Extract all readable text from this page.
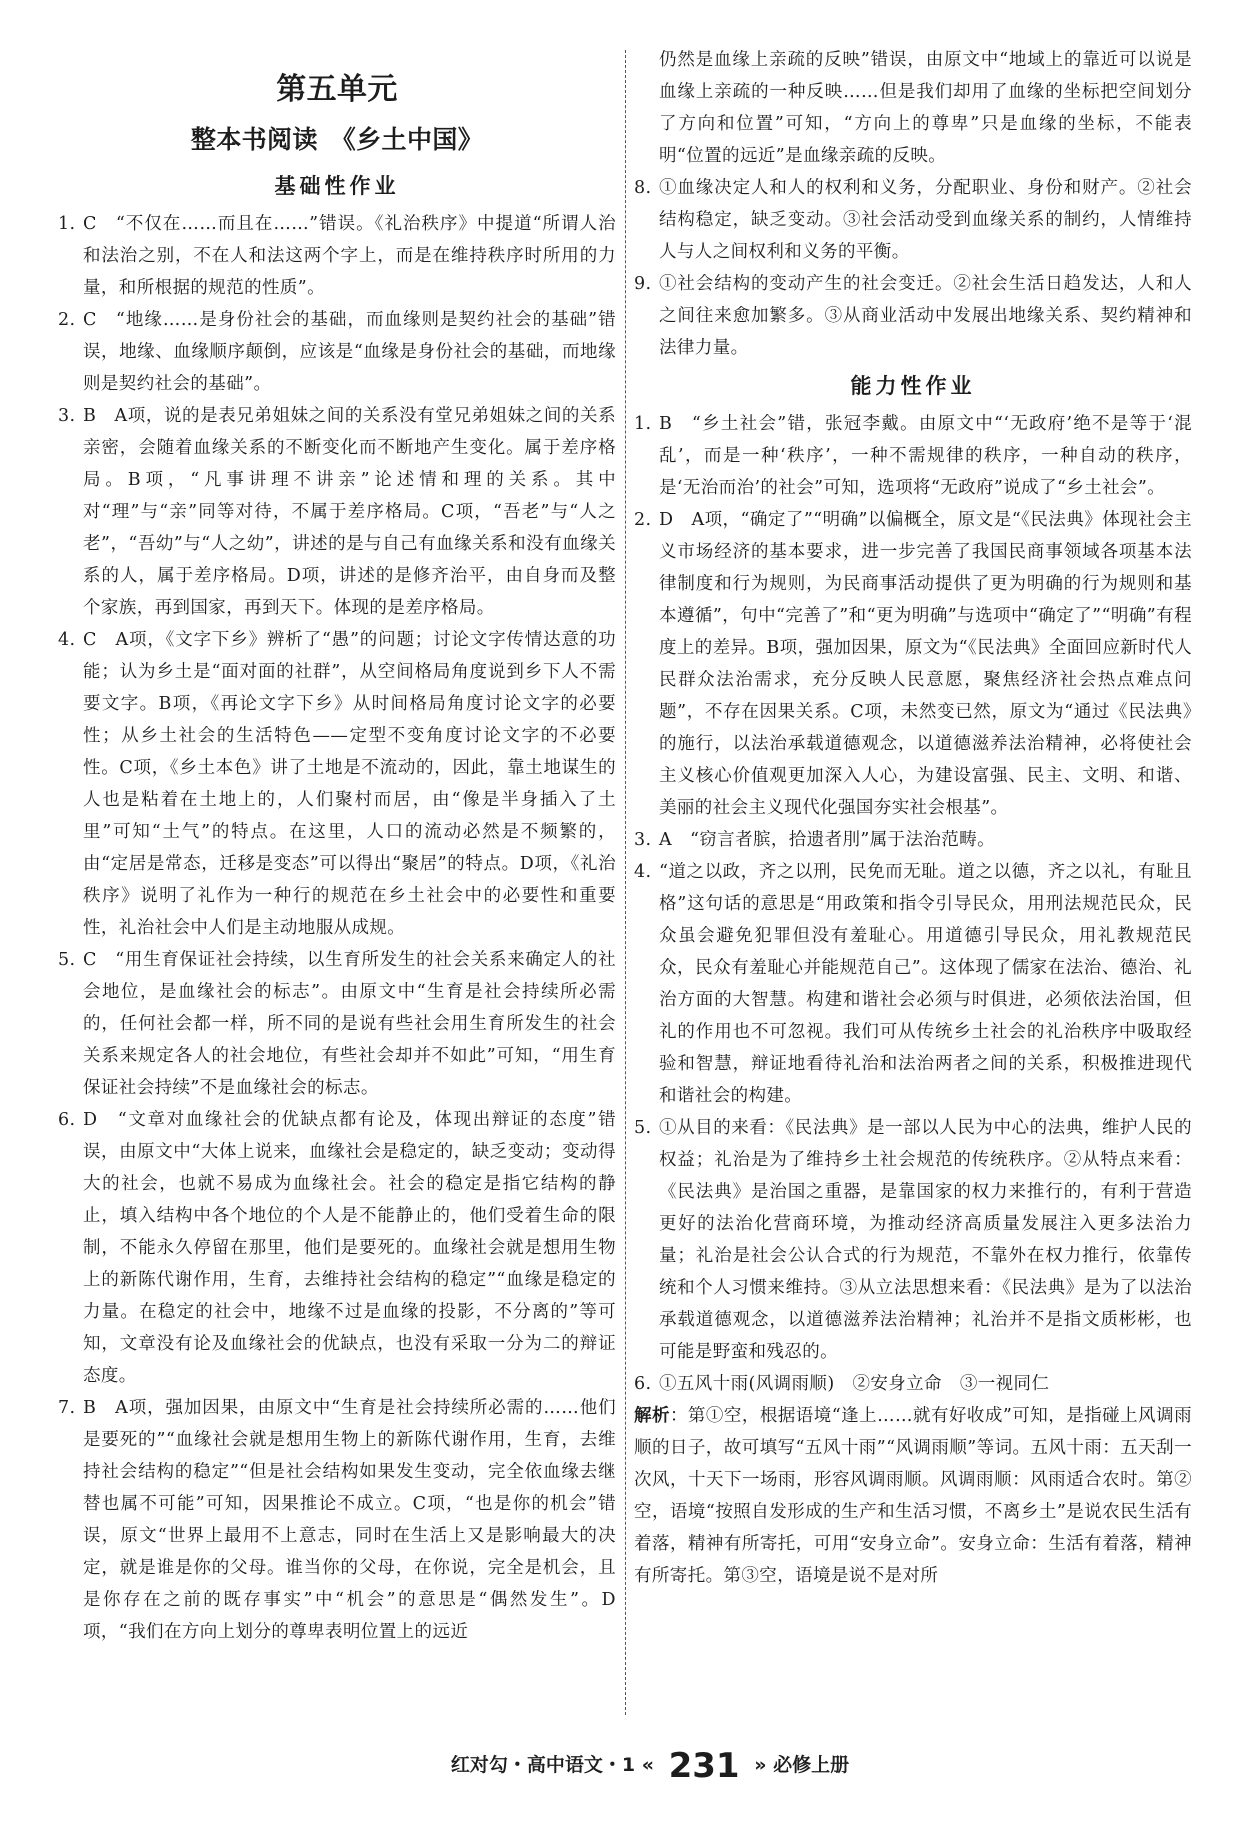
第五单元
整本书阅读　《乡土中国》
基础性作业

1. C　“不仅在……而且在……”错误。《礼治秩序》中提道“所谓人治和法治之别，不在人和法这两个字上，而是在维持秩序时所用的力量，和所根据的规范的性质”。

2. C　“地缘……是身份社会的基础，而血缘则是契约社会的基础”错误，地缘、血缘顺序颠倒，应该是“血缘是身份社会的基础，而地缘则是契约社会的基础”。

3. B　A项，说的是表兄弟姐妹之间的关系没有堂兄弟姐妹之间的关系亲密，会随着血缘关系的不断变化而不断地产生变化。属于差序格局。B项，“凡事讲理不讲亲”论述情和理的关系。其中对“理”与“亲”同等对待，不属于差序格局。C项，“吾老”与“人之老”，“吾幼”与“人之幼”，讲述的是与自己有血缘关系和没有血缘关系的人，属于差序格局。D项，讲述的是修齐治平，由自身而及整个家族，再到国家，再到天下。体现的是差序格局。

4. C　A项，《文字下乡》辨析了“愚”的问题；讨论文字传情达意的功能；认为乡土是“面对面的社群”，从空间格局角度说到乡下人不需要文字。B项，《再论文字下乡》从时间格局角度讨论文字的必要性；从乡土社会的生活特色——定型不变角度讨论文字的不必要性。C项，《乡土本色》讲了土地是不流动的，因此，靠土地谋生的人也是粘着在土地上的，人们聚村而居，由“像是半身插入了土里”可知“土气”的特点。在这里，人口的流动必然是不频繁的，由“定居是常态，迁移是变态”可以得出“聚居”的特点。D项，《礼治秩序》说明了礼作为一种行的规范在乡土社会中的必要性和重要性，礼治社会中人们是主动地服从成规。

5. C　“用生育保证社会持续，以生育所发生的社会关系来确定人的社会地位，是血缘社会的标志”。由原文中“生育是社会持续所必需的，任何社会都一样，所不同的是说有些社会用生育所发生的社会关系来规定各人的社会地位，有些社会却并不如此”可知，“用生育保证社会持续”不是血缘社会的标志。

6. D　“文章对血缘社会的优缺点都有论及，体现出辩证的态度”错误，由原文中“大体上说来，血缘社会是稳定的，缺乏变动；变动得大的社会，也就不易成为血缘社会。社会的稳定是指它结构的静止，填入结构中各个地位的个人是不能静止的，他们受着生命的限制，不能永久停留在那里，他们是要死的。血缘社会就是想用生物上的新陈代谢作用，生育，去维持社会结构的稳定”“血缘是稳定的力量。在稳定的社会中，地缘不过是血缘的投影，不分离的”等可知，文章没有论及血缘社会的优缺点，也没有采取一分为二的辩证态度。

7. B　A项，强加因果，由原文中“生育是社会持续所必需的……他们是要死的”“血缘社会就是想用生物上的新陈代谢作用，生育，去维持社会结构的稳定”“但是社会结构如果发生变动，完全依血缘去继替也属不可能”可知，因果推论不成立。C项，“也是你的机会”错误，原文“世界上最用不上意志，同时在生活上又是影响最大的决定，就是谁是你的父母。谁当你的父母，在你说，完全是机会，且是你存在之前的既存事实”中“机会”的意思是“偶然发生”。D项，“我们在方向上划分的尊卑表明位置上的远近

仍然是血缘上亲疏的反映”错误，由原文中“地域上的靠近可以说是血缘上亲疏的一种反映……但是我们却用了血缘的坐标把空间划分了方向和位置”可知，“方向上的尊卑”只是血缘的坐标，不能表明“位置的远近”是血缘亲疏的反映。

8. ①血缘决定人和人的权利和义务，分配职业、身份和财产。②社会结构稳定，缺乏变动。③社会活动受到血缘关系的制约，人情维持人与人之间权利和义务的平衡。

9. ①社会结构的变动产生的社会变迁。②社会生活日趋发达，人和人之间往来愈加繁多。③从商业活动中发展出地缘关系、契约精神和法律力量。

能力性作业

1. B　“乡土社会”错，张冠李戴。由原文中“‘无政府’绝不是等于‘混乱’，而是一种‘秩序’，一种不需规律的秩序，一种自动的秩序，是‘无治而治’的社会”可知，选项将“无政府”说成了“乡土社会”。

2. D　A项，“确定了”“明确”以偏概全，原文是“《民法典》体现社会主义市场经济的基本要求，进一步完善了我国民商事领域各项基本法律制度和行为规则，为民商事活动提供了更为明确的行为规则和基本遵循”，句中“完善了”和“更为明确”与选项中“确定了”“明确”有程度上的差异。B项，强加因果，原文为“《民法典》全面回应新时代人民群众法治需求，充分反映人民意愿，聚焦经济社会热点难点问题”，不存在因果关系。C项，未然变已然，原文为“通过《民法典》的施行，以法治承载道德观念，以道德滋养法治精神，必将使社会主义核心价值观更加深入人心，为建设富强、民主、文明、和谐、美丽的社会主义现代化强国夯实社会根基”。

3. A　“窃言者膑，拾遗者刖”属于法治范畴。

4. “道之以政，齐之以刑，民免而无耻。道之以德，齐之以礼，有耻且格”这句话的意思是“用政策和指令引导民众，用刑法规范民众，民众虽会避免犯罪但没有羞耻心。用道德引导民众，用礼教规范民众，民众有羞耻心并能规范自己”。这体现了儒家在法治、德治、礼治方面的大智慧。构建和谐社会必须与时俱进，必须依法治国，但礼的作用也不可忽视。我们可从传统乡土社会的礼治秩序中吸取经验和智慧，辩证地看待礼治和法治两者之间的关系，积极推进现代和谐社会的构建。

5. ①从目的来看：《民法典》是一部以人民为中心的法典，维护人民的权益；礼治是为了维持乡土社会规范的传统秩序。②从特点来看：《民法典》是治国之重器，是靠国家的权力来推行的，有利于营造更好的法治化营商环境，为推动经济高质量发展注入更多法治力量；礼治是社会公认合式的行为规范，不靠外在权力推行，依靠传统和个人习惯来维持。③从立法思想来看：《民法典》是为了以法治承载道德观念，以道德滋养法治精神；礼治并不是指文质彬彬，也可能是野蛮和残忍的。

6. ①五风十雨(风调雨顺)　②安身立命　③一视同仁

解析：第①空，根据语境“逢上……就有好收成”可知，是指碰上风调雨顺的日子，故可填写“五风十雨”“风调雨顺”等词。五风十雨：五天刮一次风，十天下一场雨，形容风调雨顺。风调雨顺：风雨适合农时。第②空，语境“按照自发形成的生产和生活习惯，不离乡土”是说农民生活有着落，精神有所寄托，可用“安身立命”。安身立命：生活有着落，精神有所寄托。第③空，语境是说不是对所

红对勾・高中语文・1 « 231 » 必修上册
